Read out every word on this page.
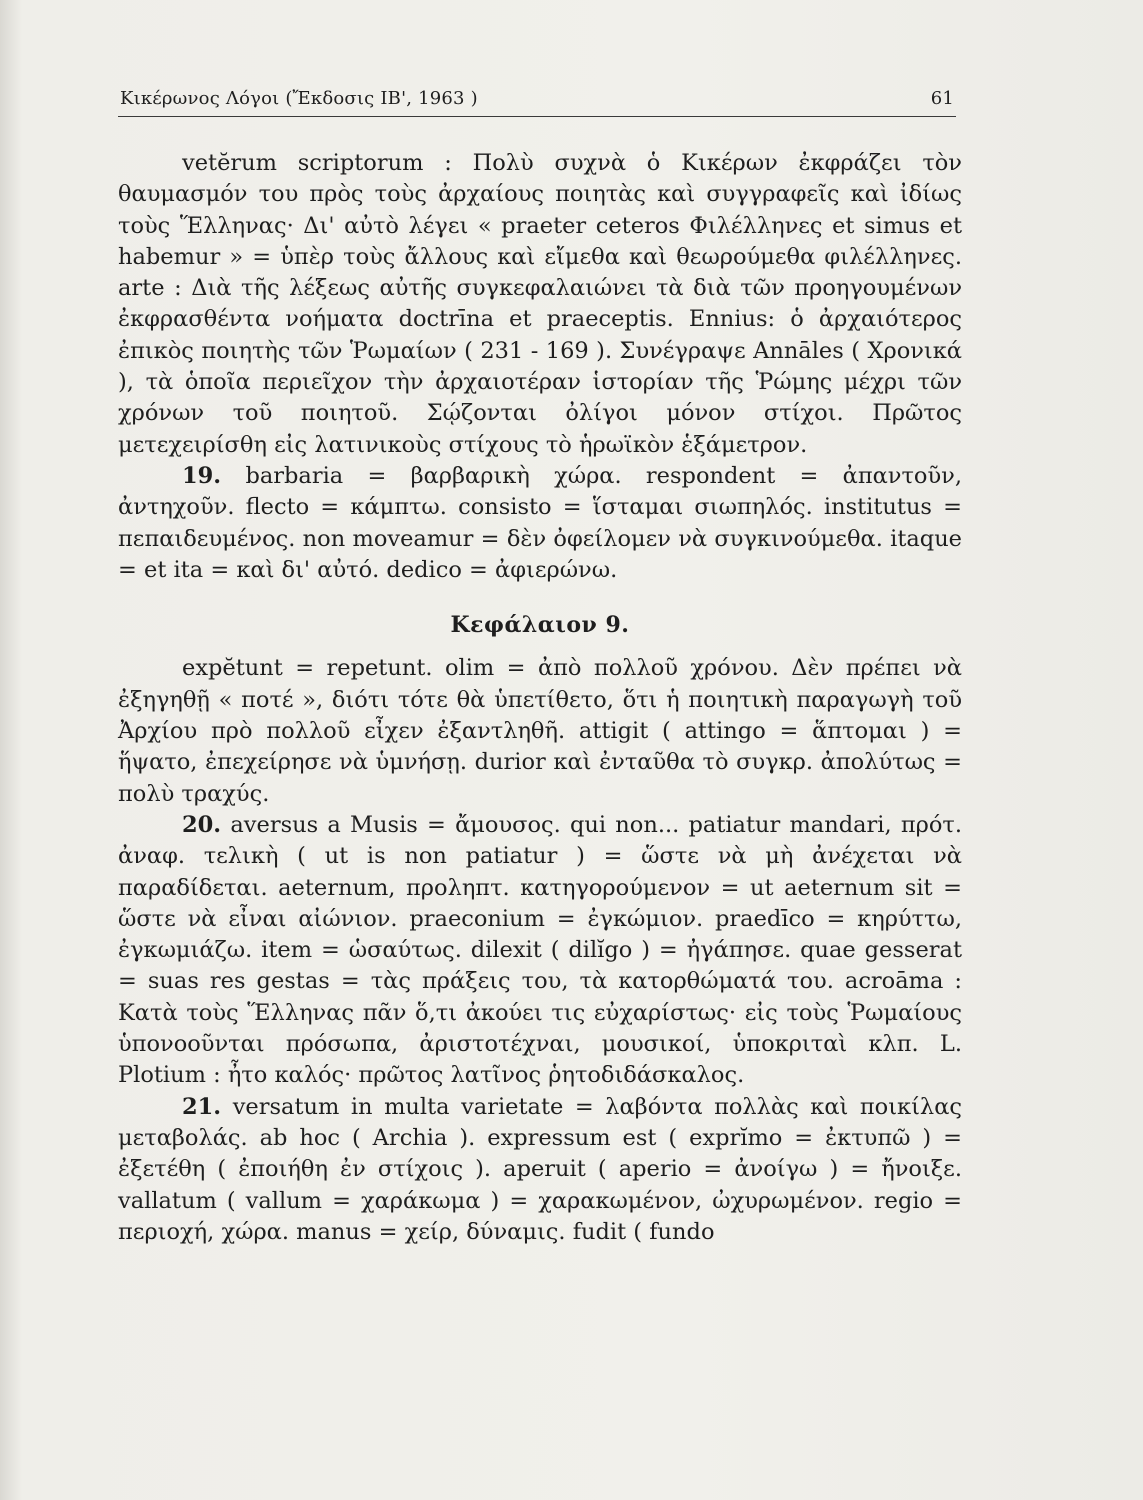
Κικέρωνος Λόγοι (Ἔκδοσις ΙΒ', 1963 )	61

vetĕrum scriptorum : Πολὺ συχνὰ ὁ Κικέρων ἐκφράζει τὸν θαυμασμόν του πρὸς τοὺς ἀρχαίους ποιητὰς καὶ συγγραφεῖς καὶ ἰδίως τοὺς Ἕλληνας· Δι' αὐτὸ λέγει « praeter ceteros Φιλέλληνες et simus et habemur » = ὑπὲρ τοὺς ἄλλους καὶ εἴμεθα καὶ θεωρούμεθα φιλέλληνες. arte : Διὰ τῆς λέξεως αὐτῆς συγκεφαλαιώνει τὰ διὰ τῶν προηγουμένων ἐκφρασθέντα νοήματα doctrīna et praeceptis. Ennius: ὁ ἀρχαιότερος ἐπικὸς ποιητὴς τῶν Ῥωμαίων ( 231 - 169 ). Συνέγραψε Annāles ( Χρονικά ), τὰ ὁποῖα περιεῖχον τὴν ἀρχαιοτέραν ἱστορίαν τῆς Ῥώμης μέχρι τῶν χρόνων τοῦ ποιητοῦ. Σῴζονται ὀλίγοι μόνον στίχοι. Πρῶτος μετεχειρίσθη εἰς λατινικοὺς στίχους τὸ ἡρωϊκὸν ἑξάμετρον.

19. barbaria = βαρβαρικὴ χώρα. respondent = ἀπαντοῦν, ἀντηχοῦν. flecto = κάμπτω. consisto = ἵσταμαι σιωπηλός. institutus = πεπαιδευμένος. non moveamur = δὲν ὀφείλομεν νὰ συγκινούμεθα. itaque = et ita = καὶ δι' αὐτό. dedico = ἀφιερώνω.

Κεφάλαιον 9.

expĕtunt = repetunt. olim = ἀπὸ πολλοῦ χρόνου. Δὲν πρέπει νὰ ἐξηγηθῇ « ποτέ », διότι τότε θὰ ὑπετίθετο, ὅτι ἡ ποιητικὴ παραγωγὴ τοῦ Ἀρχίου πρὸ πολλοῦ εἶχεν ἐξαντληθῆ. attigit ( attingo = ἅπτομαι ) = ἥψατο, ἐπεχείρησε νὰ ὑμνήσῃ. durior καὶ ἐνταῦθα τὸ συγκρ. ἀπολύτως = πολὺ τραχύς.

20. aversus a Musis = ἄμουσος. qui non... patiatur mandari, πρότ. ἀναφ. τελικὴ ( ut is non patiatur ) = ὥστε νὰ μὴ ἀνέχεται νὰ παραδίδεται. aeternum, προληπτ. κατηγορούμενον = ut aeternum sit = ὥστε νὰ εἶναι αἰώνιον. praeconium = ἐγκώμιον. praedīco = κηρύττω, ἐγκωμιάζω. item = ὡσαύτως. dilexit ( dilĭgo ) = ἠγάπησε. quae gesserat = suas res gestas = τὰς πράξεις του, τὰ κατορθώματά του. acroāma : Κατὰ τοὺς Ἕλληνας πᾶν ὅ,τι ἀκούει τις εὐχαρίστως· εἰς τοὺς Ῥωμαίους ὑπονοοῦνται πρόσωπα, ἀριστοτέχναι, μουσικοί, ὑποκριταὶ κλπ. L. Plotium : ἦτο καλός· πρῶτος λατῖνος ῥητοδιδάσκαλος.

21. versatum in multa varietate = λαβόντα πολλὰς καὶ ποικίλας μεταβολάς. ab hoc ( Archia ). expressum est ( exprĭmo = ἐκτυπῶ ) = ἐξετέθη ( ἐποιήθη ἐν στίχοις ). aperuit ( aperio = ἀνοίγω ) = ἤνοιξε. vallatum ( vallum = χαράκωμα ) = χαρακωμένον, ὠχυρωμένον. regio = περιοχή, χώρα. manus = χείρ, δύναμις. fudit ( fundo
